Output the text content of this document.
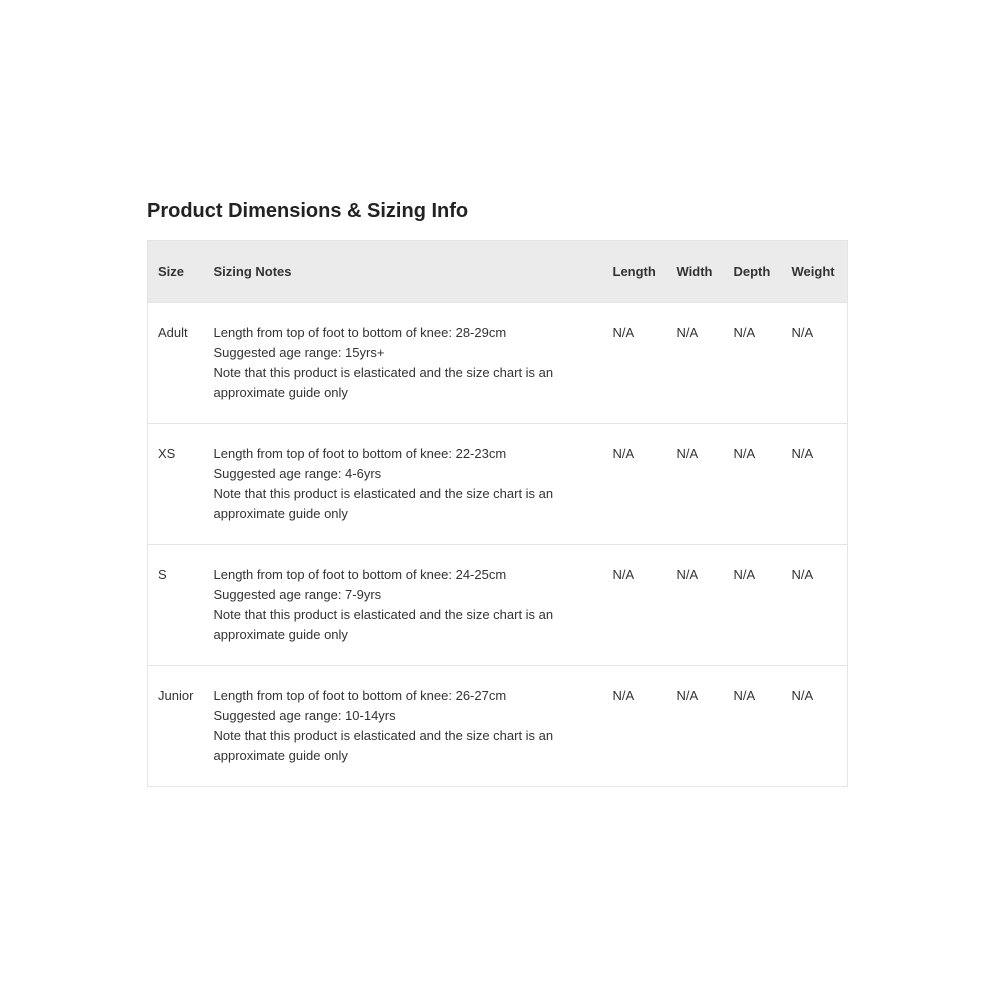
Product Dimensions & Sizing Info
Size	Sizing Notes	Length	Width	Depth	Weight
Adult	Length from top of foot to bottom of knee: 28-29cm
Suggested age range: 15yrs+
Note that this product is elasticated and the size chart is an
approximate guide only	N/A	N/A	N/A	N/A
XS	Length from top of foot to bottom of knee: 22-23cm
Suggested age range: 4-6yrs
Note that this product is elasticated and the size chart is an
approximate guide only	N/A	N/A	N/A	N/A
S	Length from top of foot to bottom of knee: 24-25cm
Suggested age range: 7-9yrs
Note that this product is elasticated and the size chart is an
approximate guide only	N/A	N/A	N/A	N/A
Junior	Length from top of foot to bottom of knee: 26-27cm
Suggested age range: 10-14yrs
Note that this product is elasticated and the size chart is an
approximate guide only	N/A	N/A	N/A	N/A
